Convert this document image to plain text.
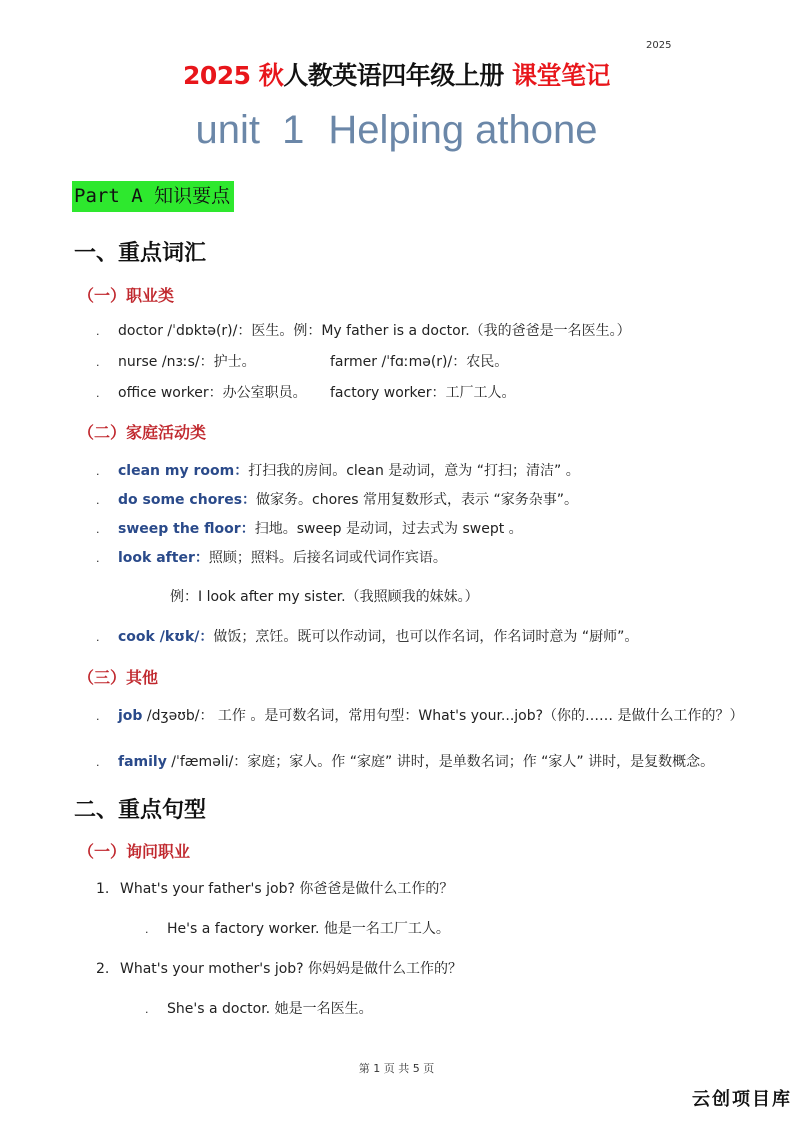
2025
2025 秋人教英语四年级上册 课堂笔记
unit  1 Helping athone
Part A 知识要点
一、重点词汇
（一）职业类
. doctor /ˈdɒktə(r)/：医生。例：My father is a doctor.（我的爸爸是一名医生。）
. nurse /nɜːs/：护士。	farmer /ˈfɑːmə(r)/：农民。
. office worker：办公室职员。 factory worker：工厂工人。
（二）家庭活动类
. clean my room：打扫我的房间。clean 是动词，意为 “打扫；清洁” 。
. do some chores：做家务。chores 常用复数形式，表示 “家务杂事”。
. sweep the floor：扫地。sweep 是动词，过去式为 swept 。
. look after：照顾；照料。后接名词或代词作宾语。
例：I look after my sister.（我照顾我的妹妹。）
. cook /kʊk/：做饭；烹饪。既可以作动词，也可以作名词，作名词时意为 “厨师”。
（三）其他
. job /dʒəʊb/： 工作 。是可数名词，常用句型：What's your...job?（你的…… 是做什么工作的？）
. family /ˈfæməli/：家庭；家人。作 “家庭” 讲时，是单数名词；作 “家人” 讲时，是复数概念。
二、重点句型
（一）询问职业
1. What's your father's job? 你爸爸是做什么工作的？
. He's a factory worker. 他是一名工厂工人。
2. What's your mother's job? 你妈妈是做什么工作的？
. She's a doctor. 她是一名医生。
第 1 页 共 5 页
云创项目库
